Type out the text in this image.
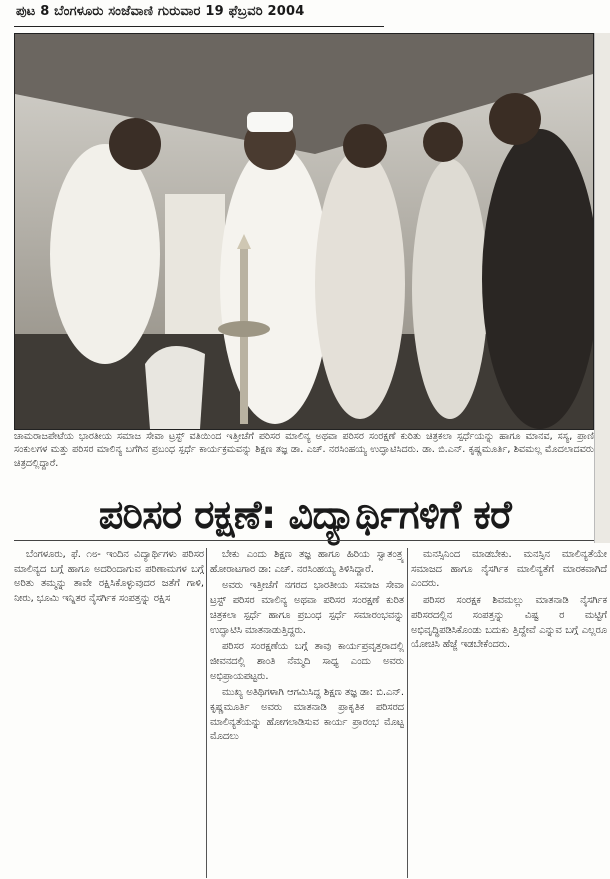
ಪುಟ 8 ಬೆಂಗಳೂರು ಸಂಜೆವಾಣಿ ಗುರುವಾರ 19 ಫೆಬ್ರವರಿ 2004
ಚಾಮರಾಜಪೇಟೆಯ ಭಾರತೀಯ ಸಮಾಜ ಸೇವಾ ಟ್ರಸ್ಟ್ ವತಿಯಿಂದ ಇತ್ತೀಚೆಗೆ ಪರಿಸರ ಮಾಲಿನ್ಯ ಅಥವಾ ಪರಿಸರ ಸಂರಕ್ಷಣೆ ಕುರಿತು ಚಿತ್ರಕಲಾ ಸ್ಪರ್ಧೆಯನ್ನು ಹಾಗೂ ಮಾನವ, ಸಸ್ಯ, ಪ್ರಾಣಿ ಸಂಕುಲಗಳ ಮತ್ತು ಪರಿಸರ ಮಾಲಿನ್ಯ ಬಗೆಗಿನ ಪ್ರಬಂಧ ಸ್ಪರ್ಧೆ ಕಾರ್ಯಕ್ರಮವನ್ನು ಶಿಕ್ಷಣ ತಜ್ಞ ಡಾ. ಎಚ್. ನರಸಿಂಹಯ್ಯ ಉದ್ಘಾಟಿಸಿದರು. ಡಾ. ಬಿ.ಎನ್. ಕೃಷ್ಣಮೂರ್ತಿ, ಶಿವಮಲ್ಲ ಮೊದಲಾದವರು ಚಿತ್ರದಲ್ಲಿದ್ದಾರೆ.
ಪರಿಸರ ರಕ್ಷಣೆ: ವಿದ್ಯಾರ್ಥಿಗಳಿಗೆ ಕರೆ

ಬೆಂಗಳೂರು, ಫೆ. ೧೮- ಇಂದಿನ ವಿದ್ಯಾರ್ಥಿಗಳು ಪರಿಸರ ಮಾಲಿನ್ಯದ ಬಗ್ಗೆ ಹಾಗೂ ಅದರಿಂದಾಗುವ ಪರಿಣಾಮಗಳ ಬಗ್ಗೆ ಅರಿತು ತಮ್ಮನ್ನು ತಾವೇ ರಕ್ಷಿಸಿಕೊಳ್ಳುವುದರ ಜತೆಗೆ ಗಾಳಿ, ನೀರು, ಭೂಮಿ ಇನ್ನಿತರ ನೈಸರ್ಗಿಕ ಸಂಪತ್ತನ್ನು ರಕ್ಷಿಸ

ಬೇಕು ಎಂದು ಶಿಕ್ಷಣ ತಜ್ಞ ಹಾಗೂ ಹಿರಿಯ ಸ್ವಾತಂತ್ರ್ಯ ಹೋರಾಟಗಾರ ಡಾ: ಎಚ್. ನರಸಿಂಹಯ್ಯ ತಿಳಿಸಿದ್ದಾರೆ.

ಅವರು ಇತ್ತೀಚೆಗೆ ನಗರದ ಭಾರತೀಯ ಸಮಾಜ ಸೇವಾ ಟ್ರಸ್ಟ್ ಪರಿಸರ ಮಾಲಿನ್ಯ ಅಥವಾ ಪರಿಸರ ಸಂರಕ್ಷಣೆ ಕುರಿತ ಚಿತ್ರಕಲಾ ಸ್ಪರ್ಧೆ ಹಾಗೂ ಪ್ರಬಂಧ ಸ್ಪರ್ಧೆ ಸಮಾರಂಭವನ್ನು ಉದ್ಘಾಟಿಸಿ ಮಾತನಾಡುತ್ತಿದ್ದರು.

ಪರಿಸರ ಸಂರಕ್ಷಣೆಯ ಬಗ್ಗೆ ತಾವು ಕಾರ್ಯಪ್ರವೃತ್ತರಾದಲ್ಲಿ ಜೀವನದಲ್ಲಿ ಶಾಂತಿ ನೆಮ್ಮದಿ ಸಾಧ್ಯ ಎಂದು ಅವರು ಅಭಿಪ್ರಾಯಪಟ್ಟರು.

ಮುಖ್ಯ ಅತಿಥಿಗಳಾಗಿ ಆಗಮಿಸಿದ್ದ ಶಿಕ್ಷಣ ತಜ್ಞ ಡಾ: ಬಿ.ಎನ್. ಕೃಷ್ಣಮೂರ್ತಿ ಅವರು ಮಾತನಾಡಿ ಪ್ರಾಕೃತಿಕ ಪರಿಸರದ ಮಾಲಿನ್ಯತೆಯನ್ನು ಹೋಗಲಾಡಿಸುವ ಕಾರ್ಯ ಪ್ರಾರಂಭ ಮೊಟ್ಟ ಮೊದಲು

ಮನಸ್ಸಿನಿಂದ ಮಾಡಬೇಕು. ಮನಸ್ಸಿನ ಮಾಲಿನ್ಯತೆಯೇ ಸಮಾಜದ ಹಾಗೂ ನೈಸರ್ಗಿಕ ಮಾಲಿನ್ಯತೆಗೆ ಮಾರಕವಾಗಿದೆ ಎಂದರು.

ಪರಿಸರ ಸಂರಕ್ಷಕ ಶಿವಮಲ್ಲು ಮಾತನಾಡಿ ನೈಸರ್ಗಿಕ ಪರಿಸರದಲ್ಲಿನ ಸಂಪತ್ತನ್ನು ವಿಷ್ಟ ರ ಮಟ್ಟಿಗೆ ಅಭಿವೃದ್ಧಿಪಡಿಸಿಕೊಂಡು ಬದುಕು ತ್ತಿದ್ದೇವೆ ಎನ್ನುವ ಬಗ್ಗೆ ಎಲ್ಲರೂ ಯೋಚಿಸಿ ಹೆಜ್ಜೆ ಇಡಬೇಕೆಂದರು.
